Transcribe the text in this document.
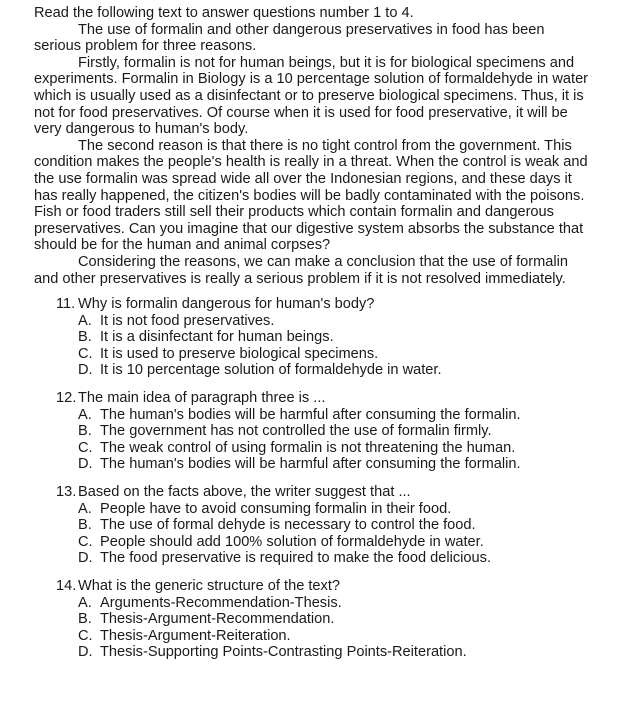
Read the following text to answer questions number 1 to 4.

The use of formalin and other dangerous preservatives in food has been serious problem for three reasons.

Firstly, formalin is not for human beings, but it is for biological specimens and experiments. Formalin in Biology is a 10 percentage solution of formaldehyde in water which is usually used as a disinfectant or to preserve biological specimens. Thus, it is not for food preservatives. Of course when it is used for food preservative, it will be very dangerous to human's body.

The second reason is that there is no tight control from the government. This condition makes the people's health is really in a threat. When the control is weak and the use formalin was spread wide all over the Indonesian regions, and these days it has really happened, the citizen's bodies will be badly contaminated with the poisons. Fish or food traders still sell their products which contain formalin and dangerous preservatives. Can you imagine that our digestive system absorbs the substance that should be for the human and animal corpses?

Considering the reasons, we can make a conclusion that the use of formalin and other preservatives is really a serious problem if it is not resolved immediately.

11. Why is formalin dangerous for human's body?
A. It is not food preservatives.
B. It is a disinfectant for human beings.
C. It is used to preserve biological specimens.
D. It is 10 percentage solution of formaldehyde in water.
12. The main idea of paragraph three is ...
A. The human's bodies will be harmful after consuming the formalin.
B. The government has not controlled the use of formalin firmly.
C. The weak control of using formalin is not threatening the human.
D. The human's bodies will be harmful after consuming the formalin.
13. Based on the facts above, the writer suggest that ...
A. People have to avoid consuming formalin in their food.
B. The use of formal dehyde is necessary to control the food.
C. People should add 100% solution of formaldehyde in water.
D. The food preservative is required to make the food delicious.
14. What is the generic structure of the text?
A. Arguments-Recommendation-Thesis.
B. Thesis-Argument-Recommendation.
C. Thesis-Argument-Reiteration.
D. Thesis-Supporting Points-Contrasting Points-Reiteration.
